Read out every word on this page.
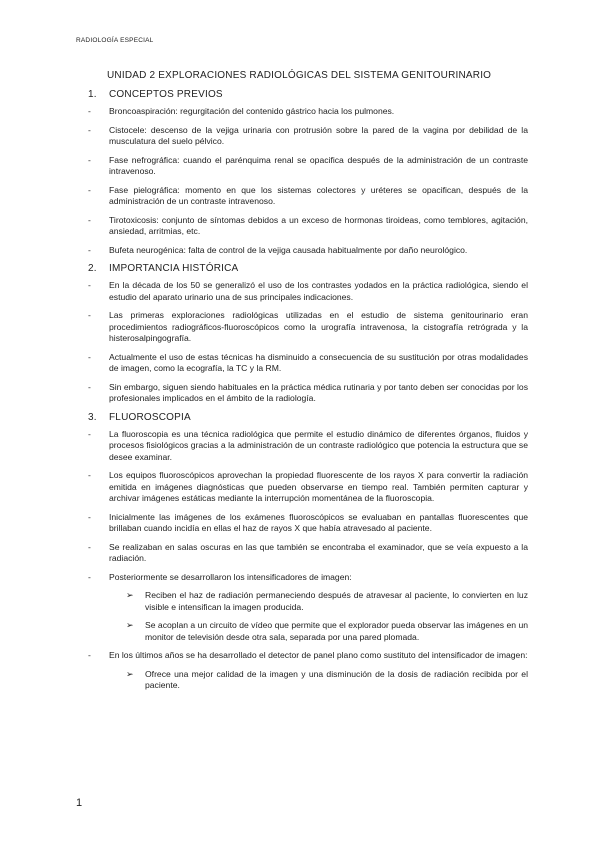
RADIOLOGÍA ESPECIAL
UNIDAD 2 EXPLORACIONES RADIOLÓGICAS DEL SISTEMA GENITOURINARIO
1.	CONCEPTOS PREVIOS
-	Broncoaspiración: regurgitación del contenido gástrico hacia los pulmones.
-	Cistocele: descenso de la vejiga urinaria con protrusión sobre la pared de la vagina por debilidad de la musculatura del suelo pélvico.
-	Fase nefrográfica: cuando el parénquima renal se opacifica después de la administración de un contraste intravenoso.
-	Fase pielográfica: momento en que los sistemas colectores y uréteres se opacifican, después de la administración de un contraste intravenoso.
-	Tirotoxicosis: conjunto de síntomas debidos a un exceso de hormonas tiroideas, como temblores, agitación, ansiedad, arritmias, etc.
-	Bufeta neurogénica: falta de control de la vejiga causada habitualmente por daño neurológico.
2.	IMPORTANCIA HISTÓRICA
-	En la década de los 50 se generalizó el uso de los contrastes yodados en la práctica radiológica, siendo el estudio del aparato urinario una de sus principales indicaciones.
-	Las primeras exploraciones radiológicas utilizadas en el estudio de sistema genitourinario eran procedimientos radiográficos-fluoroscópicos como la urografía intravenosa, la cistografía retrógrada y la histerosalpingografía.
-	Actualmente el uso de estas técnicas ha disminuido a consecuencia de su sustitución por otras modalidades de imagen, como la ecografía, la TC y la RM.
-	Sin embargo, siguen siendo habituales en la práctica médica rutinaria y por tanto deben ser conocidas por los profesionales implicados en el ámbito de la radiología.
3.	FLUOROSCOPIA
-	La fluoroscopia es una técnica radiológica que permite el estudio dinámico de diferentes órganos, fluidos y procesos fisiológicos gracias a la administración de un contraste radiológico que potencia la estructura que se desee examinar.
-	Los equipos fluoroscópicos aprovechan la propiedad fluorescente de los rayos X para convertir la radiación emitida en imágenes diagnósticas que pueden observarse en tiempo real. También permiten capturar y archivar imágenes estáticas mediante la interrupción momentánea de la fluoroscopia.
-	Inicialmente las imágenes de los exámenes fluoroscópicos se evaluaban en pantallas fluorescentes que brillaban cuando incidía en ellas el haz de rayos X que había atravesado al paciente.
-	Se realizaban en salas oscuras en las que también se encontraba el examinador, que se veía expuesto a la radiación.
-	Posteriormente se desarrollaron los intensificadores de imagen:
➢	Reciben el haz de radiación permaneciendo después de atravesar al paciente, lo convierten en luz visible e intensifican la imagen producida.
➢	Se acoplan a un circuito de vídeo que permite que el explorador pueda observar las imágenes en un monitor de televisión desde otra sala, separada por una pared plomada.
-	En los últimos años se ha desarrollado el detector de panel plano como sustituto del intensificador de imagen:
➢	Ofrece una mejor calidad de la imagen y una disminución de la dosis de radiación recibida por el paciente.
1
